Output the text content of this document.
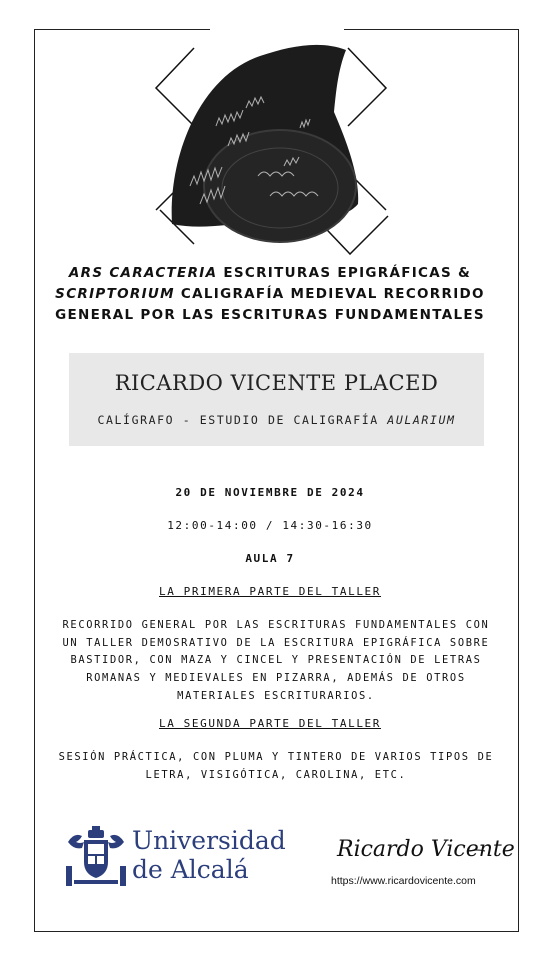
ARS CARACTERIA ESCRITURAS EPIGRÁFICAS &
SCRIPTORIUM CALIGRAFÍA MEDIEVAL RECORRIDO
GENERAL POR LAS ESCRITURAS FUNDAMENTALES
RICARDO VICENTE PLACED
CALÍGRAFO - ESTUDIO DE CALIGRAFÍA AULARIUM
20 DE NOVIEMBRE DE 2024
12:00-14:00 / 14:30-16:30
AULA 7
LA PRIMERA PARTE DEL TALLER
RECORRIDO GENERAL POR LAS ESCRITURAS FUNDAMENTALES CON
UN TALLER DEMOSRATIVO DE LA ESCRITURA EPIGRÁFICA SOBRE
BASTIDOR, CON MAZA Y CINCEL Y PRESENTACIÓN DE LETRAS
ROMANAS Y MEDIEVALES EN PIZARRA, ADEMÁS DE OTROS
MATERIALES ESCRITURARIOS.
LA SEGUNDA PARTE DEL TALLER
SESIÓN PRÁCTICA, CON PLUMA Y TINTERO DE VARIOS TIPOS DE
LETRA, VISIGÓTICA, CAROLINA, ETC.
Universidad
de Alcalá
Ricardo Vicente
https://www.ricardovicente.com
